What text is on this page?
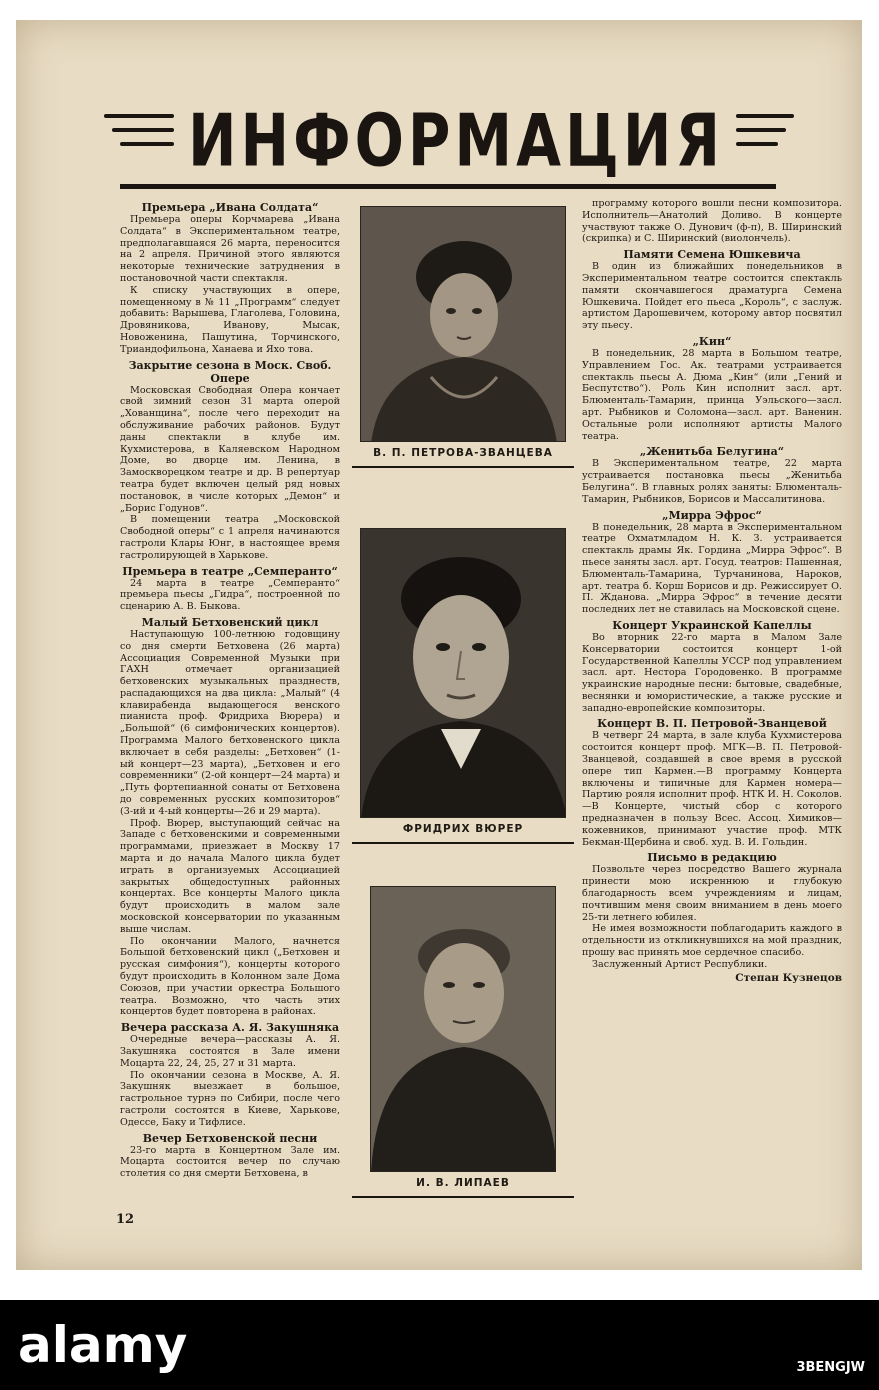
ИНФОРМАЦИЯ
Премьера „Ивана Солдата“
Премьера оперы Корчмарева „Ивана Солдата“ в Экспериментальном театре, предполагавшаяся 26 марта, переносится на 2 апреля. Причиной этого являются некоторые технические затруднения в постановочной части спектакля.
К списку участвующих в опере, помещенному в № 11 „Программ“ следует добавить: Варышева, Глаголева, Головина, Дровяникова, Иванову, Мысак, Новоженина, Пашутина, Торчинского, Триандофильона, Ханаева и Яхо това.
Закрытие сезона в Моск. Своб. Опере
Московская Свободная Опера кончает свой зимний сезон 31 марта оперой „Хованщина“, после чего переходит на обслуживание рабочих районов. Будут даны спектакли в клубе им. Кухмистерова, в Каляевском Народном Доме, во дворце им. Ленина, в Замоскворецком театре и др. В репертуар театра будет включен целый ряд новых постановок, в числе которых „Демон“ и „Борис Годунов“.
В помещении театра „Московской Свободной оперы“ с 1 апреля начинаются гастроли Клары Юнг, в настоящее время гастролирующей в Харькове.
Премьера в театре „Семперанто“
24 марта в театре „Семперанто“ премьера пьесы „Гидра“, построенной по сценарию А. В. Быкова.
Малый Бетховенский цикл
Наступающую 100-летнюю годовщину со дня смерти Бетховена (26 марта) Ассоциация Современной Музыки при ГАХН отмечает организацией бетховенских музыкальных празднеств, распадающихся на два цикла: „Малый“ (4 клавирабенда выдающегося венского пианиста проф. Фридриха Вюрера) и „Большой“ (6 симфонических концертов). Программа Малого бетховенского цикла включает в себя разделы: „Бетховен“ (1-ый концерт—23 марта), „Бетховен и его современники“ (2-ой концерт—24 марта) и „Путь фортепианной сонаты от Бетховена до современных русских композиторов“ (3-ий и 4-ый концерты—26 и 29 марта).
Проф. Вюрер, выступающий сейчас на Западе с бетховенскими и современными программами, приезжает в Москву 17 марта и до начала Малого цикла будет играть в организуемых Ассоциацией закрытых общедоступных районных концертах. Все концерты Малого цикла будут происходить в малом зале московской консерватории по указанным выше числам.
По окончании Малого, начнется Большой бетховенский цикл („Бетховен и русская симфония“), концерты которого будут происходить в Колонном зале Дома Союзов, при участии оркестра Большого театра. Возможно, что часть этих концертов будет повторена в районах.
Вечера рассказа А. Я. Закушняка
Очередные вечера—рассказы А. Я. Закушняка состоятся в Зале имени Моцарта 22, 24, 25, 27 и 31 марта.
По окончании сезона в Москве, А. Я. Закушняк выезжает в большое, гастрольное турнэ по Сибири, после чего гастроли состоятся в Киеве, Харькове, Одессе, Баку и Тифлисе.
Вечер Бетховенской песни
23-го марта в Концертном Зале им. Моцарта состоится вечер по случаю столетия со дня смерти Бетховена, в
В. П. ПЕТРОВА-ЗВАНЦЕВА
ФРИДРИХ ВЮРЕР
И. В. ЛИПАЕВ
программу которого вошли песни композитора. Исполнитель—Анатолий Доливо. В концерте участвуют также О. Дунович (ф-п), В. Ширинский (скрипка) и С. Ширинский (виолончель).
Памяти Семена Юшкевича
В один из ближайших понедельников в Экспериментальном театре состоится спектакль памяти скончавшегося драматурга Семена Юшкевича. Пойдет его пьеса „Король“, с заслуж. артистом Дарошевичем, которому автор посвятил эту пьесу.
„Кин“
В понедельник, 28 марта в Большом театре, Управлением Гос. Ак. театрами устраивается спектакль пьесы А. Дюма „Кин“ (или „Гений и Беспутство“). Роль Кин исполнит засл. арт. Блюменталь-Тамарин, принца Уэльского—засл. арт. Рыбников и Соломона—засл. арт. Ваненин. Остальные роли исполняют артисты Малого театра.
„Женитьба Белугина“
В Экспериментальном театре, 22 марта устраивается постановка пьесы „Женитьба Белугина“. В главных ролях заняты: Блюменталь-Тамарин, Рыбников, Борисов и Массалитинова.
„Мирра Эфрос“
В понедельник, 28 марта в Экспериментальном театре Охматмладом Н. К. З. устраивается спектакль драмы Як. Гордина „Мирра Эфрос“. В пьесе заняты засл. арт. Госуд. театров: Пашенная, Блюменталь-Тамарина, Турчанинова, Нароков, арт. театра б. Корш Борисов и др. Режиссирует О. П. Жданова. „Мирра Эфрос“ в течение десяти последних лет не ставилась на Московской сцене.
Концерт Украинской Капеллы
Во вторник 22-го марта в Малом Зале Консерватории состоится концерт 1-ой Государственной Капеллы УССР под управлением засл. арт. Нестора Городовенко. В программе украинские народные песни: бытовые, свадебные, веснянки и юмористические, а также русские и западно-европейские композиторы.
Концерт В. П. Петровой-Званцевой
В четверг 24 марта, в зале клуба Кухмистерова состоится концерт проф. МГК—В. П. Петровой-Званцевой, создавшей в свое время в русской опере тип Кармен.—В программу Концерта включены и типичные для Кармен номера—Партию рояля исполнит проф. НТК И. Н. Соколов.—В Концерте, чистый сбор с которого предназначен в пользу Всес. Ассоц. Химиков—кожевников, принимают участие проф. МТК Бекман-Щербина и своб. худ. В. И. Гольдин.
Письмо в редакцию
Позвольте через посредство Вашего журнала принести мою искреннюю и глубокую благодарность всем учреждениям и лицам, почтившим меня своим вниманием в день моего 25-ти летнего юбилея.
Не имея возможности поблагодарить каждого в отдельности из откликнувшихся на мой праздник, прошу вас принять мое сердечное спасибо.
Заслуженный Артист Республики.
Степан Кузнецов
12
alamy	3BENGJW
